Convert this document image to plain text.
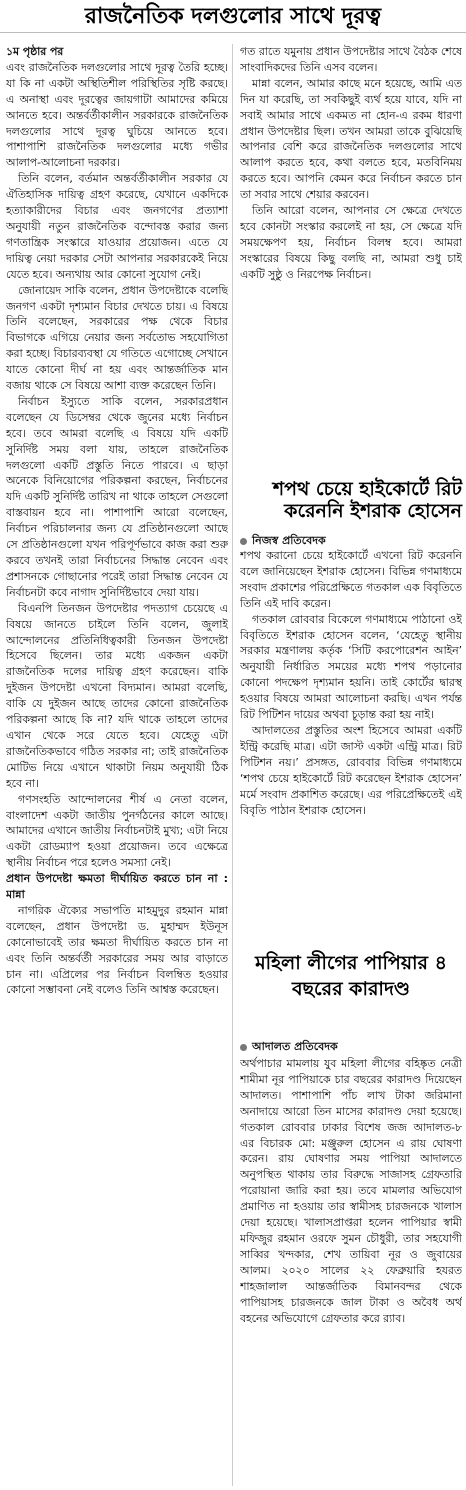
রাজনৈতিক দলগুলোর সাথে দূরত্ব

১ম পৃষ্ঠার পর

এবং রাজনৈতিক দলগুলোর সাথে দূরত্ব তৈরি হচ্ছে। যা কি না একটা অস্থিতিশীল পরিস্থিতির সৃষ্টি করছে। এ অনাস্থা এবং দূরত্বের জায়গাটা আমাদের কমিয়ে আনতে হবে। অন্তর্বর্তীকালীন সরকারকে রাজনৈতিক দলগুলোর সাথে দূরত্ব ঘুচিয়ে আনতে হবে। পাশাপাশি রাজনৈতিক দলগুলোর মধ্যে গভীর আলাপ-আলোচনা দরকার।

তিনি বলেন, বর্তমান অন্তর্বর্তীকালীন সরকার যে ঐতিহাসিক দায়িত্ব গ্রহণ করেছে, যেখানে একদিকে হত্যাকারীদের বিচার এবং জনগণের প্রত্যাশা অনুযায়ী নতুন রাজনৈতিক বন্দোবস্ত করার জন্য গণতান্ত্রিক সংস্কারে যাওয়ার প্রয়োজন। এতে যে দায়িত্ব নেয়া দরকার সেটা আপনার সরকারকেই নিয়ে যেতে হবে। অন্যথায় আর কোনো সুযোগ নেই।

জোনায়েদ সাকি বলেন, প্রধান উপদেষ্টাকে বলেছি জনগণ একটা দৃশ্যমান বিচার দেখতে চায়। এ বিষয়ে তিনি বলেছেন, সরকারের পক্ষ থেকে বিচার বিভাগকে এগিয়ে নেয়ার জন্য সর্বতোভ সহযোগিতা করা হচ্ছে। বিচারব্যবস্থা যে গতিতে এগোচ্ছে সেখানে যাতে কোনো দীর্ঘ না হয় এবং আন্তর্জাতিক মান বজায় থাকে সে বিষয়ে আশা ব্যক্ত করেছেন তিনি।

নির্বাচন ইস্যুতে সাকি বলেন, সরকারপ্রধান বলেছেন যে ডিসেম্বর থেকে জুনের মধ্যে নির্বাচন হবে। তবে আমরা বলেছি এ বিষয়ে যদি একটি সুনির্দিষ্ট সময় বলা যায়, তাহলে রাজনৈতিক দলগুলো একটি প্রস্তুতি নিতে পারবে। এ ছাড়া অনেকে বিনিয়োগের পরিকল্পনা করছেন, নির্বাচনের যদি একটি সুনির্দিষ্ট তারিখ না থাকে তাহলে সেগুলো বাস্তবায়ন হবে না। পাশাপাশি আরো বলেছেন, নির্বাচন পরিচালনার জন্য যে প্রতিষ্ঠানগুলো আছে সে প্রতিষ্ঠানগুলো যখন পরিপূর্ণভাবে কাজ করা শুরু করবে তখনই তারা নির্বাচনের সিদ্ধান্ত নেবেন এবং প্রশাসনকে গোছানোর পরেই তারা সিদ্ধান্ত নেবেন যে নির্বাচনটা কবে নাগাদ সুনির্দিষ্টভাবে দেয়া যায়।

বিএনপি তিনজন উপদেষ্টার পদত্যাগ চেয়েছে এ বিষয়ে জানতে চাইলে তিনি বলেন, জুলাই আন্দোলনের প্রতিনিধিত্বকারী তিনজন উপদেষ্টা হিসেবে ছিলেন। তার মধ্যে একজন একটা রাজনৈতিক দলের দায়িত্ব গ্রহণ করেছেন। বাকি দুইজন উপদেষ্টা এখনো বিদ্যমান। আমরা বলেছি, বাকি যে দুইজন আছে তাদের কোনো রাজনৈতিক পরিকল্পনা আছে কি না? যদি থাকে তাহলে তাদের এখান থেকে সরে যেতে হবে। যেহেতু এটা রাজনৈতিকভাবে গঠিত সরকার না; তাই রাজনৈতিক মোটিভ নিয়ে এখানে থাকাটা নিয়ম অনুযায়ী ঠিক হবে না।

গণসংহতি আন্দোলনের শীর্ষ এ নেতা বলেন, বাংলাদেশ একটা জাতীয় পুনর্গঠনের কালে আছে। আমাদের এখানে জাতীয় নির্বাচনটাই মুখ্য; এটা নিয়ে একটা রোডম্যাপ হওয়া প্রয়োজন। তবে এক্ষেত্রে স্থানীয় নির্বাচন পরে হলেও সমস্যা নেই।

প্রধান উপদেষ্টা ক্ষমতা দীর্ঘায়িত করতে চান না : মান্না

নাগরিক ঐক্যের সভাপতি মাহমুদুর রহমান মান্না বলেছেন, প্রধান উপদেষ্টা ড. মুহাম্মদ ইউনূস কোনোভাবেই তার ক্ষমতা দীর্ঘায়িত করতে চান না এবং তিনি অন্তর্বর্তী সরকারের সময় আর বাড়াতে চান না। এপ্রিলের পর নির্বাচন বিলম্বিত হওয়ার কোনো সম্ভাবনা নেই বলেও তিনি আশ্বস্ত করেছেন।

গত রাতে যমুনায় প্রধান উপদেষ্টার সাথে বৈঠক শেষে সাংবাদিকদের তিনি এসব বলেন।

মান্না বলেন, আমার কাছে মনে হয়েছে, আমি এত দিন যা করেছি, তা সবকিছুই ব্যর্থ হয়ে যাবে, যদি না সবাই আমার সাথে একমত না হোন-এ রকম ধারণা প্রধান উপদেষ্টার ছিল। তখন আমরা তাকে বুঝিয়েছি আপনার বেশি করে রাজনৈতিক দলগুলোর সাথে আলাপ করতে হবে, কথা বলতে হবে, মতবিনিময় করতে হবে। আপনি কেমন করে নির্বাচন করতে চান তা সবার সাথে শেয়ার করবেন।

তিনি আরো বলেন, আপনার সে ক্ষেত্রে দেখতে হবে কোনটা সংস্কার করলেই না হয়, সে ক্ষেত্রে যদি সময়ক্ষেপণ হয়, নির্বাচন বিলম্ব হবে। আমরা সংস্কারের বিষয়ে কিছু বলছি না, আমরা শুধু চাই একটি সুষ্ঠু ও নিরপেক্ষ নির্বাচন।

শপথ চেয়ে হাইকোর্টে রিট করেননি ইশরাক হোসেন
নিজস্ব প্রতিবেদক

শপথ করানো চেয়ে হাইকোর্টে এখনো রিট করেননি বলে জানিয়েছেন ইশরাক হোসেন। বিভিন্ন গণমাধ্যমে সংবাদ প্রকাশের পরিপ্রেক্ষিতে গতকাল এক বিবৃতিতে তিনি এই দাবি করেন।

গতকাল রোববার বিকেলে গণমাধ্যমে পাঠানো ওই বিবৃতিতে ইশরাক হোসেন বলেন, ‘যেহেতু স্থানীয় সরকার মন্ত্রণালয় কর্তৃক ‘সিটি করপোরেশন আইন’ অনুযায়ী নির্ধারিত সময়ের মধ্যে শপথ পড়ানোর কোনো পদক্ষেপ দৃশ্যমান হয়নি। তাই কোর্টের দ্বারস্থ হওয়ার বিষয়ে আমরা আলোচনা করছি। এখন পর্যন্ত রিট পিটিশন দায়ের অথবা চূড়ান্ত করা হয় নাই।

আদালতের প্রস্তুতির অংশ হিসেবে আমরা একটি ইন্ট্রি করেছি মাত্র। এটা জাস্ট একটা এন্ট্রি মাত্র। রিট পিটিশন নয়।’ প্রসঙ্গত, রোববার বিভিন্ন গণমাধ্যমে ‘শপথ চেয়ে হাইকোর্টে রিট করেছেন ইশরাক হোসেন’ মর্মে সংবাদ প্রকাশিত করেছে। এর পরিপ্রেক্ষিতেই এই বিবৃতি পাঠান ইশরাক হোসেন।

মহিলা লীগের পাপিয়ার ৪ বছরের কারাদণ্ড
আদালত প্রতিবেদক

অর্থপাচার মামলায় যুব মহিলা লীগের বহিষ্কৃত নেত্রী শামীমা নূর পাপিয়াকে চার বছরের কারাদণ্ড দিয়েছেন আদালত। পাশাপাশি পাঁচ লাখ টাকা জরিমানা অনাদায়ে আরো তিন মাসের কারাদণ্ড দেয়া হয়েছে। গতকাল রোববার ঢাকার বিশেষ জজ আদালত-৮ এর বিচারক মো: মঞ্জুরুল হোসেন এ রায় ঘোষণা করেন। রায় ঘোষণার সময় পাপিয়া আদালতে অনুপস্থিত থাকায় তার বিরুদ্ধে সাজাসহ গ্রেফতারি পরোয়ানা জারি করা হয়। তবে মামলার অভিযোগ প্রমাণিত না হওয়ায় তার স্বামীসহ চারজনকে খালাস দেয়া হয়েছে। খালাসপ্রাপ্তরা হলেন পাপিয়ার স্বামী মফিজুর রহমান ওরফে সুমন চৌধুরী, তার সহযোগী সাব্বির খন্দকার, শেখ তায়িবা নূর ও জুবায়ের আলম। ২০২০ সালের ২২ ফেব্রুয়ারি হযরত শাহজালাল আন্তর্জাতিক বিমানবন্দর থেকে পাপিয়াসহ চারজনকে জাল টাকা ও অবৈধ অর্থ বহনের অভিযোগে গ্রেফতার করে র‍্যাব।
